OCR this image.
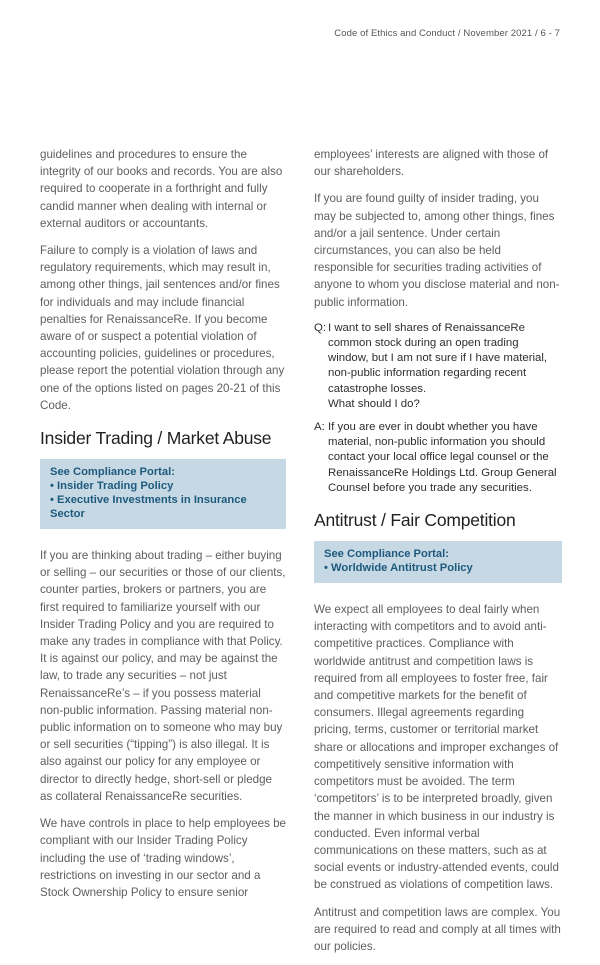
Code of Ethics and Conduct / November 2021 / 6 - 7

guidelines and procedures to ensure the integrity of our books and records. You are also required to cooperate in a forthright and fully candid manner when dealing with internal or external auditors or accountants.

Failure to comply is a violation of laws and regulatory requirements, which may result in, among other things, jail sentences and/or fines for individuals and may include financial penalties for RenaissanceRe. If you become aware of or suspect a potential violation of accounting policies, guidelines or procedures, please report the potential violation through any one of the options listed on pages 20-21 of this Code.

Insider Trading / Market Abuse
See Compliance Portal:
• Insider Trading Policy
• Executive Investments in Insurance Sector

If you are thinking about trading – either buying or selling – our securities or those of our clients, counter parties, brokers or partners, you are first required to familiarize yourself with our Insider Trading Policy and you are required to make any trades in compliance with that Policy. It is against our policy, and may be against the law, to trade any securities – not just RenaissanceRe’s – if you possess material non-public information. Passing material non-public information on to someone who may buy or sell securities (“tipping”) is also illegal. It is also against our policy for any employee or director to directly hedge, short-sell or pledge as collateral RenaissanceRe securities.

We have controls in place to help employees be compliant with our Insider Trading Policy including the use of ‘trading windows’, restrictions on investing in our sector and a Stock Ownership Policy to ensure senior

employees’ interests are aligned with those of our shareholders.

If you are found guilty of insider trading, you may be subjected to, among other things, fines and/or a jail sentence. Under certain circumstances, you can also be held responsible for securities trading activities of anyone to whom you disclose material and non-public information.

Q: I want to sell shares of RenaissanceRe common stock during an open trading window, but I am not sure if I have material, non-public information regarding recent catastrophe losses.
What should I do?
A: If you are ever in doubt whether you have material, non-public information you should contact your local office legal counsel or the RenaissanceRe Holdings Ltd. Group General Counsel before you trade any securities.
Antitrust / Fair Competition
See Compliance Portal:
• Worldwide Antitrust Policy

We expect all employees to deal fairly when interacting with competitors and to avoid anti-competitive practices. Compliance with worldwide antitrust and competition laws is required from all employees to foster free, fair and competitive markets for the benefit of consumers. Illegal agreements regarding pricing, terms, customer or territorial market share or allocations and improper exchanges of competitively sensitive information with competitors must be avoided. The term ‘competitors’ is to be interpreted broadly, given the manner in which business in our industry is conducted. Even informal verbal communications on these matters, such as at social events or industry-attended events, could be construed as violations of competition laws.

Antitrust and competition laws are complex. You are required to read and comply at all times with our policies.
